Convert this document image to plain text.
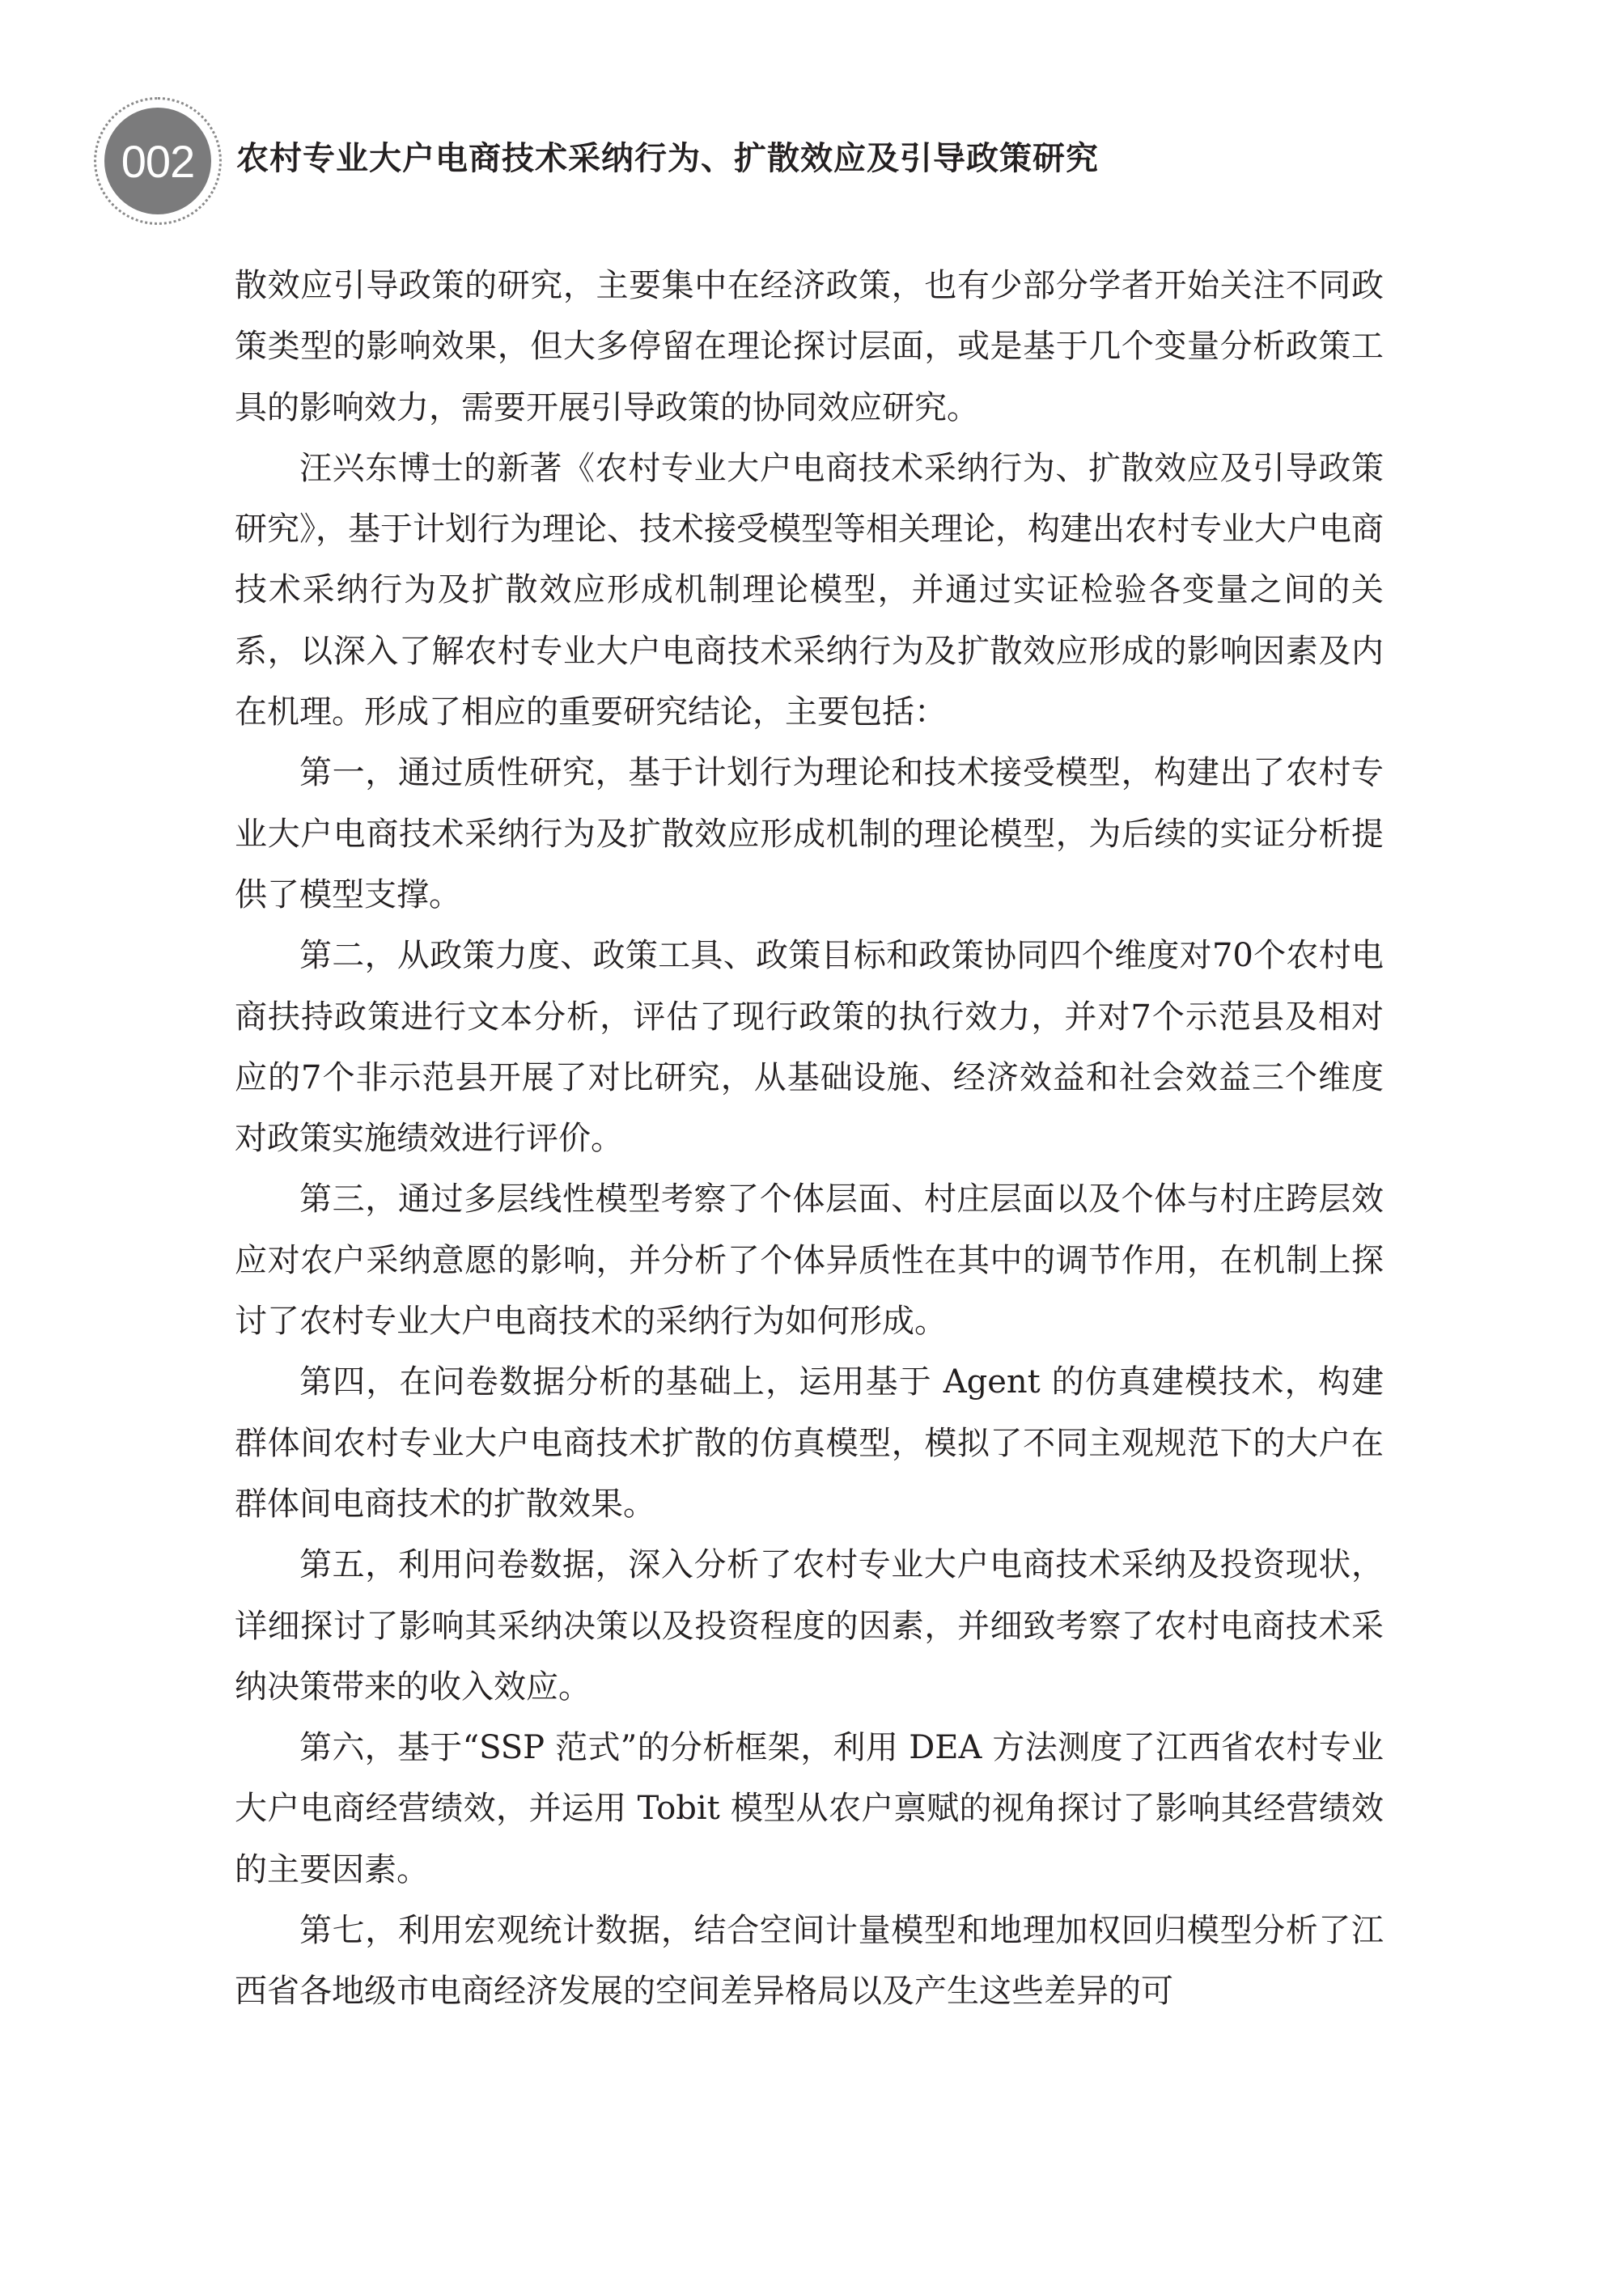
002 农村专业大户电商技术采纳行为、扩散效应及引导政策研究

散效应引导政策的研究，主要集中在经济政策，也有少部分学者开始关注不同政策类型的影响效果，但大多停留在理论探讨层面，或是基于几个变量分析政策工具的影响效力，需要开展引导政策的协同效应研究。

汪兴东博士的新著《农村专业大户电商技术采纳行为、扩散效应及引导政策研究》，基于计划行为理论、技术接受模型等相关理论，构建出农村专业大户电商技术采纳行为及扩散效应形成机制理论模型，并通过实证检验各变量之间的关系，以深入了解农村专业大户电商技术采纳行为及扩散效应形成的影响因素及内在机理。形成了相应的重要研究结论，主要包括：

第一，通过质性研究，基于计划行为理论和技术接受模型，构建出了农村专业大户电商技术采纳行为及扩散效应形成机制的理论模型，为后续的实证分析提供了模型支撑。

第二，从政策力度、政策工具、政策目标和政策协同四个维度对70个农村电商扶持政策进行文本分析，评估了现行政策的执行效力，并对7个示范县及相对应的7个非示范县开展了对比研究，从基础设施、经济效益和社会效益三个维度对政策实施绩效进行评价。

第三，通过多层线性模型考察了个体层面、村庄层面以及个体与村庄跨层效应对农户采纳意愿的影响，并分析了个体异质性在其中的调节作用，在机制上探讨了农村专业大户电商技术的采纳行为如何形成。

第四，在问卷数据分析的基础上，运用基于 Agent 的仿真建模技术，构建群体间农村专业大户电商技术扩散的仿真模型，模拟了不同主观规范下的大户在群体间电商技术的扩散效果。

第五，利用问卷数据，深入分析了农村专业大户电商技术采纳及投资现状，详细探讨了影响其采纳决策以及投资程度的因素，并细致考察了农村电商技术采纳决策带来的收入效应。

第六，基于“SSP 范式”的分析框架，利用 DEA 方法测度了江西省农村专业大户电商经营绩效，并运用 Tobit 模型从农户禀赋的视角探讨了影响其经营绩效的主要因素。

第七，利用宏观统计数据，结合空间计量模型和地理加权回归模型分析了江西省各地级市电商经济发展的空间差异格局以及产生这些差异的可
